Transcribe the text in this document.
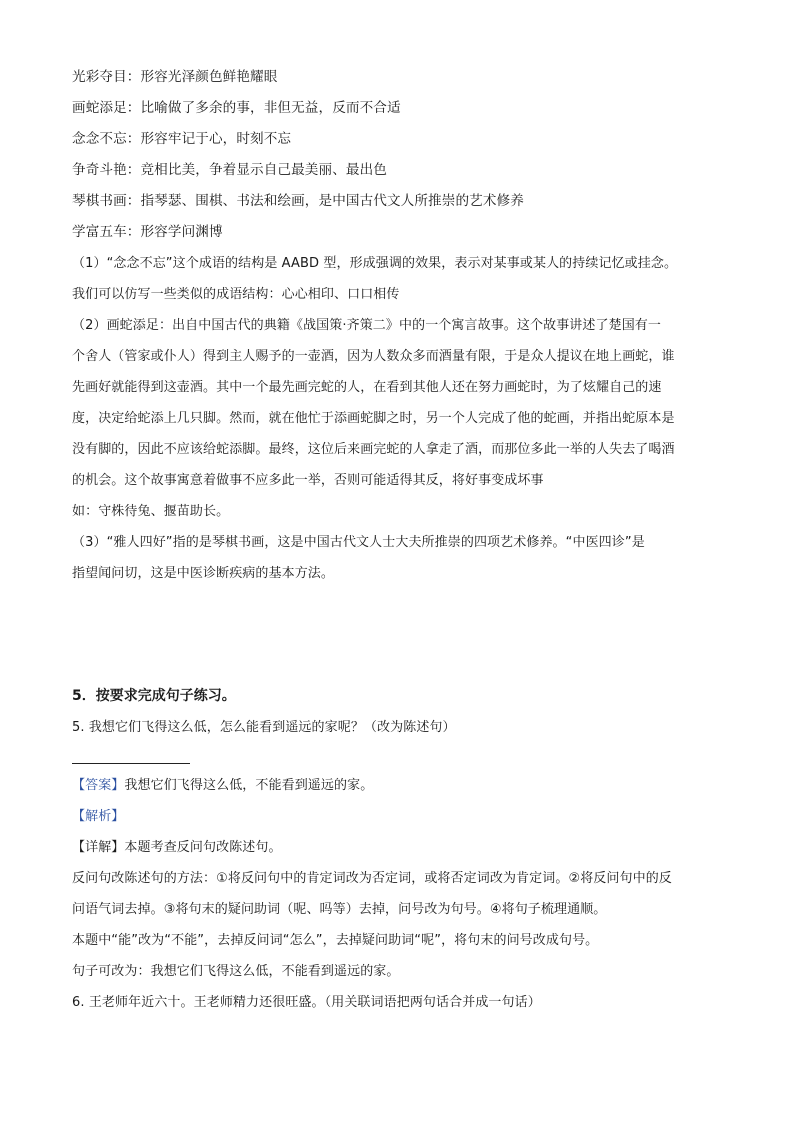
光彩夺目：形容光泽颜色鲜艳耀眼
画蛇添足：比喻做了多余的事，非但无益，反而不合适
念念不忘：形容牢记于心，时刻不忘
争奇斗艳：竞相比美，争着显示自己最美丽、最出色
琴棋书画：指琴瑟、围棋、书法和绘画，是中国古代文人所推崇的艺术修养
学富五车：形容学问渊博
（1）“念念不忘”这个成语的结构是 AABD 型，形成强调的效果，表示对某事或某人的持续记忆或挂念。
我们可以仿写一些类似的成语结构：心心相印、口口相传
（2）画蛇添足：出自中国古代的典籍《战国策·齐策二》中的一个寓言故事。这个故事讲述了楚国有一
个舍人（管家或仆人）得到主人赐予的一壶酒，因为人数众多而酒量有限，于是众人提议在地上画蛇，谁
先画好就能得到这壶酒。其中一个最先画完蛇的人，在看到其他人还在努力画蛇时，为了炫耀自己的速
度，决定给蛇添上几只脚。然而，就在他忙于添画蛇脚之时，另一个人完成了他的蛇画，并指出蛇原本是
没有脚的，因此不应该给蛇添脚。最终，这位后来画完蛇的人拿走了酒，而那位多此一举的人失去了喝酒
的机会。这个故事寓意着做事不应多此一举，否则可能适得其反，将好事变成坏事
如：守株待兔、揠苗助长。
（3）“雅人四好”指的是琴棋书画，这是中国古代文人士大夫所推崇的四项艺术修养。“中医四诊”是
指望闻问切，这是中医诊断疾病的基本方法。
5．按要求完成句子练习。
5. 我想它们飞得这么低，怎么能看到遥远的家呢？（改为陈述句）
【答案】我想它们飞得这么低，不能看到遥远的家。
【解析】
【详解】本题考查反问句改陈述句。
反问句改陈述句的方法：①将反问句中的肯定词改为否定词，或将否定词改为肯定词。②将反问句中的反
问语气词去掉。③将句末的疑问助词（呢、吗等）去掉，问号改为句号。④将句子梳理通顺。
本题中“能”改为“不能”，去掉反问词“怎么”，去掉疑问助词“呢”，将句末的问号改成句号。
句子可改为：我想它们飞得这么低，不能看到遥远的家。
6. 王老师年近六十。王老师精力还很旺盛。（用关联词语把两句话合并成一句话）
